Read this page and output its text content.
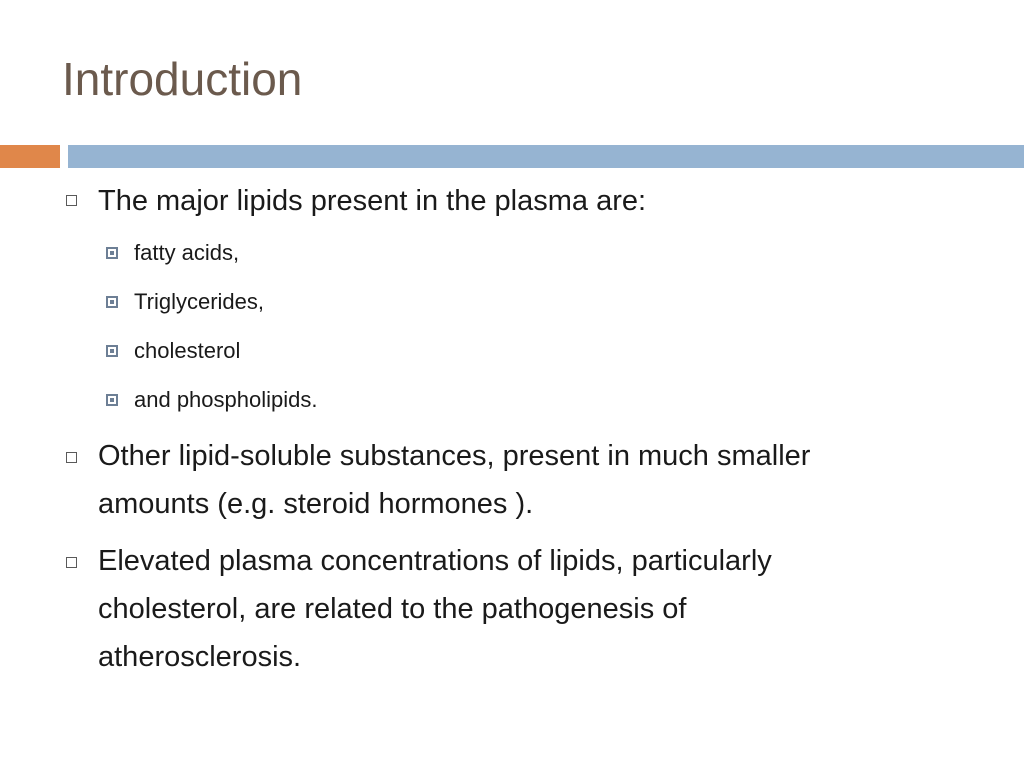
Introduction
The major lipids present in the plasma are:
fatty acids,
Triglycerides,
cholesterol
and phospholipids.
Other lipid-soluble substances, present in much smaller amounts (e.g. steroid hormones ).
Elevated plasma concentrations of lipids, particularly cholesterol, are related to the pathogenesis of atherosclerosis.
